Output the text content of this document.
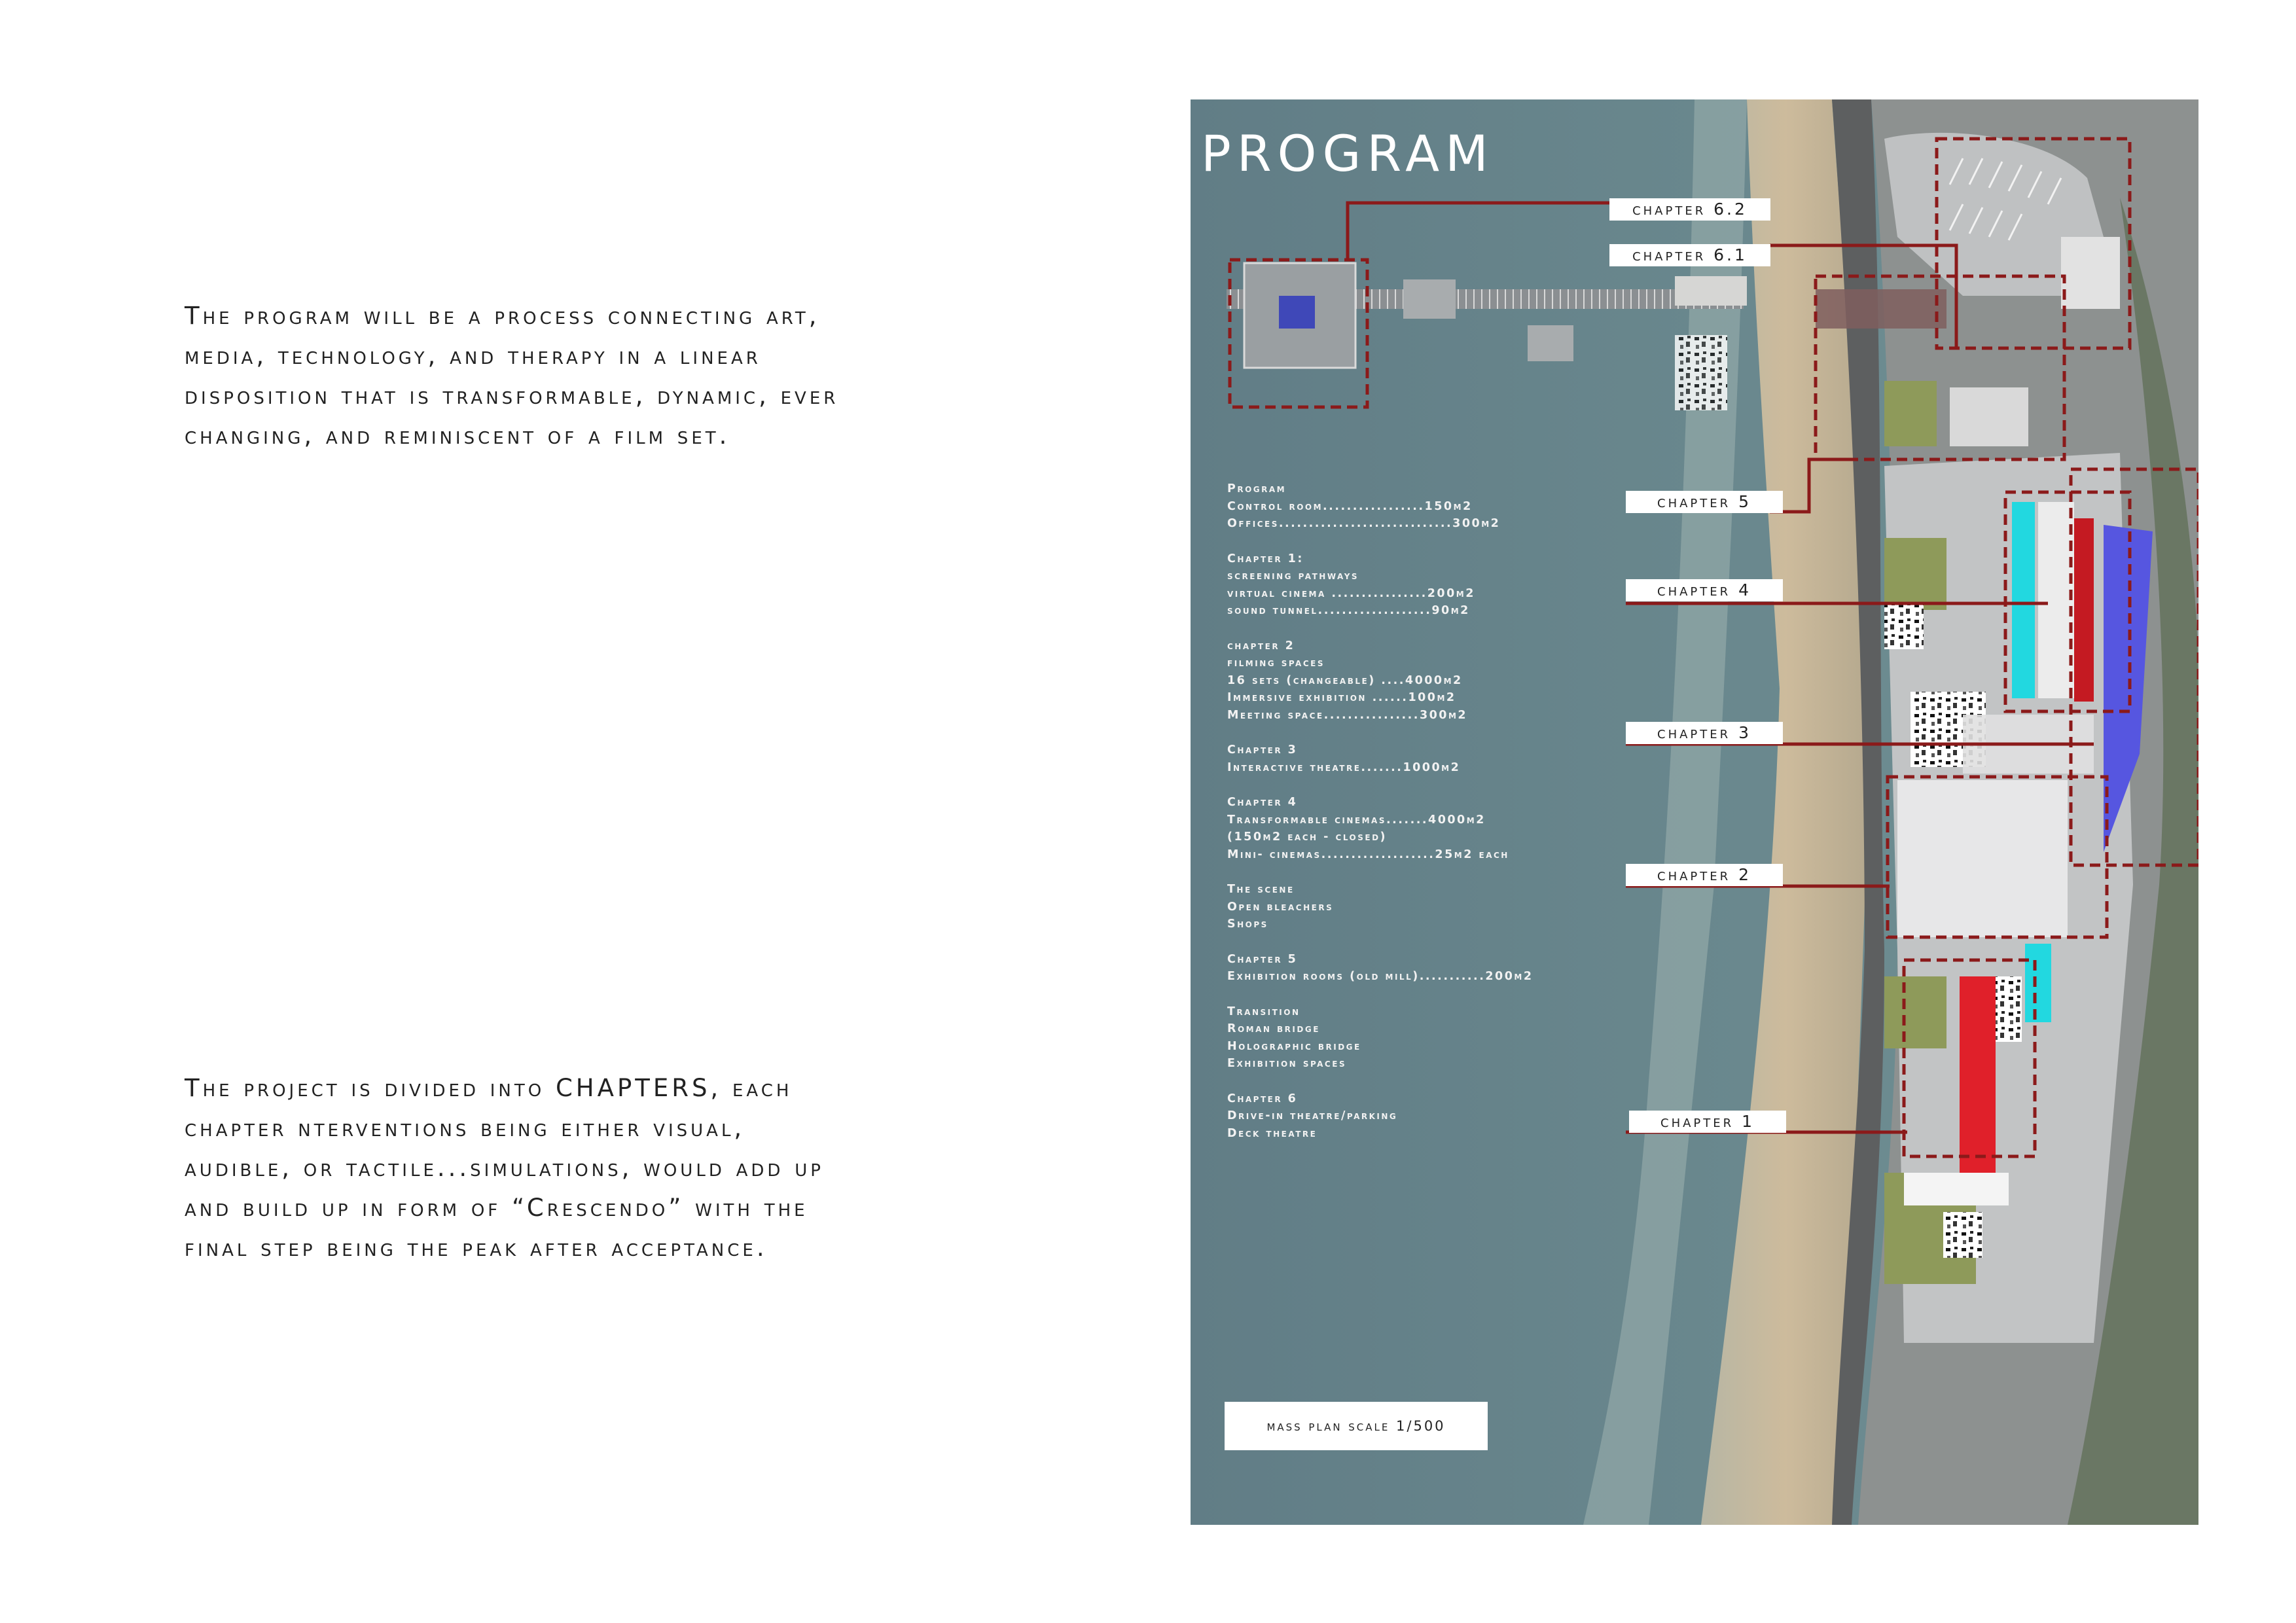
The program will be a process connecting art,
media, technology, and therapy in a linear
disposition that is transformable, dynamic, ever
changing, and reminiscent of a film set.
The project is divided into CHAPTERS, each
chapter nterventions being either visual,
audible, or tactile...simulations, would add up
and build up in form of “Crescendo” with the
final step being the peak after acceptance.
PROGRAM
chapter 6.2
chapter 6.1
chapter 5
chapter 4
chapter 3
chapter 2
chapter 1
Program
Control room.................150m2
Offices.............................300m2
Chapter 1:
screening pathways
virtual cinema ................200m2
sound tunnel...................90m2
chapter 2
filming spaces
16 sets (changeable) ....4000m2
Immersive exhibition ......100m2
Meeting space................300m2
Chapter 3
Interactive theatre.......1000m2
Chapter 4
Transformable cinemas.......4000m2
(150m2 each - closed)
Mini- cinemas...................25m2 each
The scene
Open bleachers
Shops
Chapter 5
Exhibition rooms (old mill)...........200m2
Transition
Roman bridge
Holographic bridge
Exhibition spaces
Chapter 6
Drive-in theatre/parking
Deck theatre
mass plan scale 1/500
